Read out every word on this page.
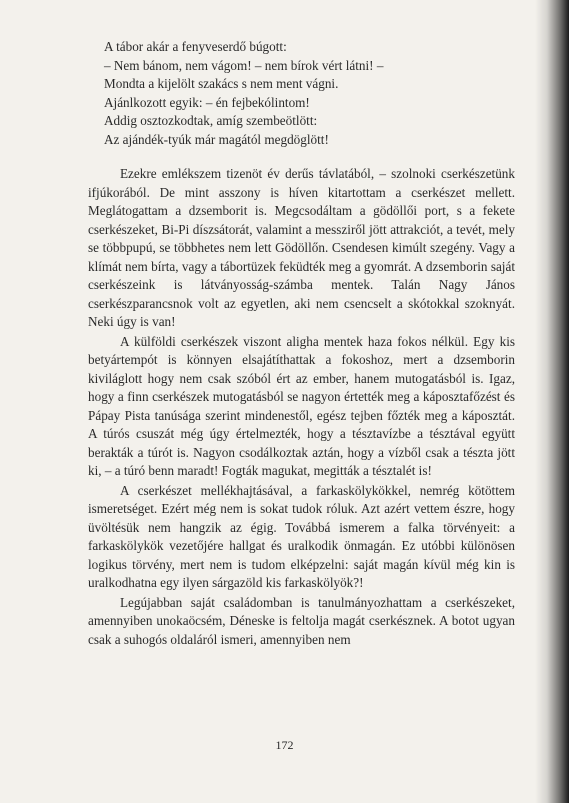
A tábor akár a fenyveserdő búgott:
– Nem bánom, nem vágom! – nem bírok vért látni! –
Mondta a kijelölt szakács s nem ment vágni.
Ajánlkozott egyik: – én fejbekólintom!
Addig osztozkodtak, amíg szembeötlött:
Az ajándék-tyúk már magától megdöglött!

Ezekre emlékszem tizenöt év derűs távlatából, – szolnoki cserkészetünk ifjúkorából. De mint asszony is híven kitartottam a cserkészet mellett. Meglátogattam a dzsemborit is. Megcsodáltam a gödöllői port, s a fekete cserkészeket, Bi-Pi díszsátorát, valamint a messziről jött attrakciót, a tevét, mely se többpupú, se többhetes nem lett Gödöllőn. Csendesen kimúlt szegény. Vagy a klímát nem bírta, vagy a tábortüzek feküdték meg a gyomrát. A dzsemborin saját cserkészeink is látványosság-számba mentek. Talán Nagy János cserkészparancsnok volt az egyetlen, aki nem csencselt a skótokkal szoknyát. Neki úgy is van!

A külföldi cserkészek viszont aligha mentek haza fokos nélkül. Egy kis betyártempót is könnyen elsajátíthattak a fokoshoz, mert a dzsemborin kiviláglott hogy nem csak szóból ért az ember, hanem mutogatásból is. Igaz, hogy a finn cserkészek mutogatásból se nagyon értették meg a káposztafőzést és Pápay Pista tanúsága szerint mindenestől, egész tejben főzték meg a káposztát. A túrós csuszát még úgy értelmezték, hogy a tésztavízbe a tésztával együtt berakták a túrót is. Nagyon csodálkoztak aztán, hogy a vízből csak a tészta jött ki, – a túró benn maradt! Fogták magukat, megitták a tésztalét is!

A cserkészet mellékhajtásával, a farkaskölykökkel, nemrég kötöttem ismeretséget. Ezért még nem is sokat tudok róluk. Azt azért vettem észre, hogy üvöltésük nem hangzik az égig. Továbbá ismerem a falka törvényeit: a farkaskölykök vezetőjére hallgat és uralkodik önmagán. Ez utóbbi különösen logikus törvény, mert nem is tudom elképzelni: saját magán kívül még kin is uralkodhatna egy ilyen sárgazöld kis farkaskölyök?!

Legújabban saját családomban is tanulmányozhattam a cserkészeket, amennyiben unokaöcsém, Déneske is feltolja magát cserkésznek. A botot ugyan csak a suhogós oldaláról ismeri, amennyiben nem

172
